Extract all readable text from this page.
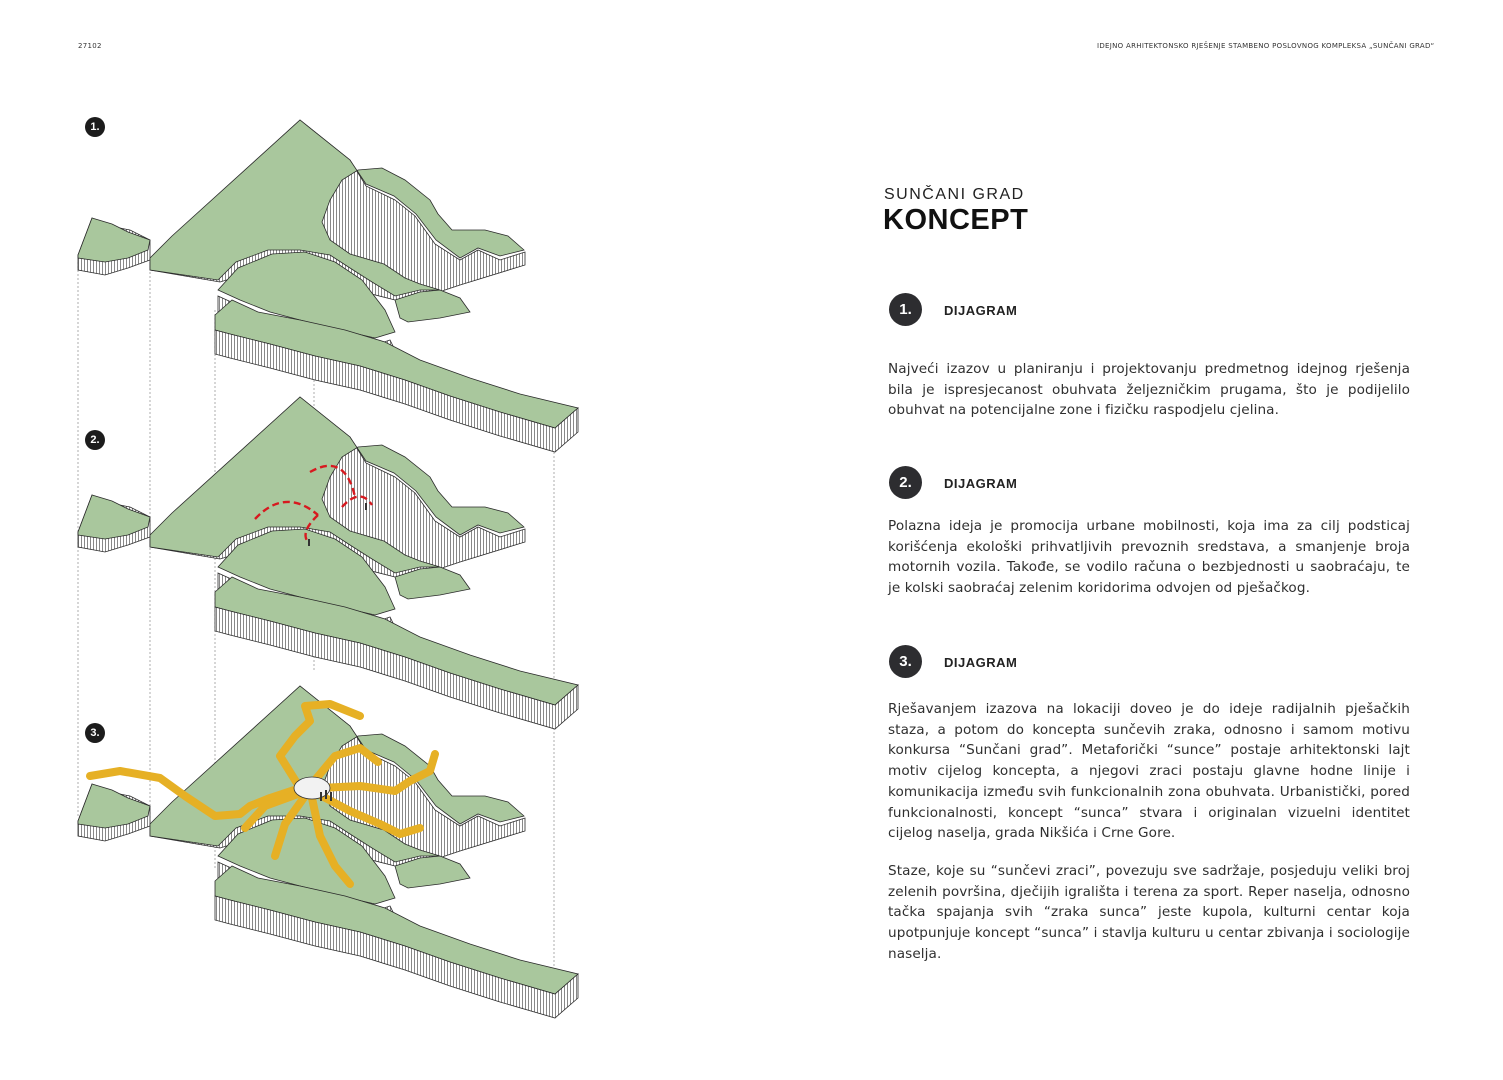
27102	IDEJNO ARHITEKTONSKO RJEŠENJE STAMBENO POSLOVNOG KOMPLEKSA „SUNČANI GRAD“
1.
2.
3.
SUNČANI GRAD
KONCEPT
1.	DIJAGRAM
Najveći izazov u planiranju i projektovanju predmetnog idejnog rješenja bila je ispresjecanost obuhvata željezničkim prugama, što je podijelilo obuhvat na potencijalne zone i fizičku raspodjelu cjelina.
2.	DIJAGRAM
Polazna ideja je promocija urbane mobilnosti, koja ima za cilj podsticaj korišćenja ekološki prihvatljivih prevoznih sredstava, a smanjenje broja motornih vozila. Takođe, se vodilo računa o bezbjednosti u saobraćaju, te je kolski saobraćaj zelenim koridorima odvojen od pješačkog.
3.	DIJAGRAM
Rješavanjem izazova na lokaciji doveo je do ideje radijalnih pješačkih staza, a potom do koncepta sunčevih zraka, odnosno i samom motivu konkursa “Sunčani grad”. Metaforički “sunce” postaje arhitektonski lajt motiv cijelog koncepta, a njegovi zraci postaju glavne hodne linije i komunikacija između svih funkcionalnih zona obuhvata. Urbanistički, pored funkcionalnosti, koncept “sunca” stvara i originalan vizuelni identitet cijelog naselja, grada Nikšića i Crne Gore.
Staze, koje su “sunčevi zraci”, povezuju sve sadržaje, posjeduju veliki broj zelenih površina, dječijih igrališta i terena za sport. Reper naselja, odnosno tačka spajanja svih “zraka sunca” jeste kupola, kulturni centar koja upotpunjuje koncept “sunca” i stavlja kulturu u centar zbivanja i sociologije naselja.
